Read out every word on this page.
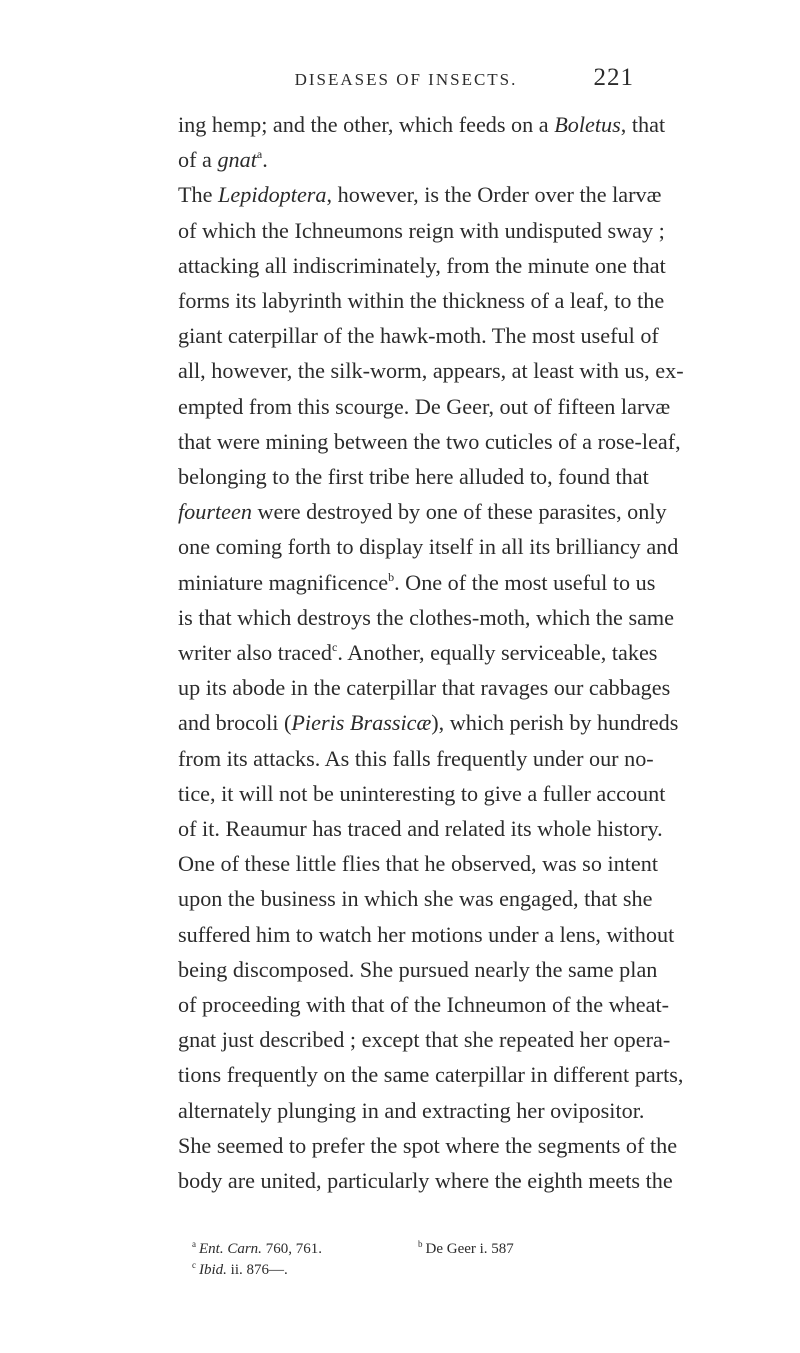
DISEASES OF INSECTS.	221
ing hemp; and the other, which feeds on a Boletus, that
of a gnat$^a$.
The Lepidoptera, however, is the Order over the larvæ
of which the Ichneumons reign with undisputed sway ;
attacking all indiscriminately, from the minute one that
forms its labyrinth within the thickness of a leaf, to the
giant caterpillar of the hawk-moth. The most useful of
all, however, the silk-worm, appears, at least with us, ex-
empted from this scourge. De Geer, out of fifteen larvæ
that were mining between the two cuticles of a rose-leaf,
belonging to the first tribe here alluded to, found that
fourteen were destroyed by one of these parasites, only
one coming forth to display itself in all its brilliancy and
miniature magnificence$^b$. One of the most useful to us
is that which destroys the clothes-moth, which the same
writer also traced$^c$. Another, equally serviceable, takes
up its abode in the caterpillar that ravages our cabbages
and brocoli (Pieris Brassicæ), which perish by hundreds
from its attacks. As this falls frequently under our no-
tice, it will not be uninteresting to give a fuller account
of it. Reaumur has traced and related its whole history.
One of these little flies that he observed, was so intent
upon the business in which she was engaged, that she
suffered him to watch her motions under a lens, without
being discomposed. She pursued nearly the same plan
of proceeding with that of the Ichneumon of the wheat-
gnat just described ; except that she repeated her opera-
tions frequently on the same caterpillar in different parts,
alternately plunging in and extracting her ovipositor.
She seemed to prefer the spot where the segments of the
body are united, particularly where the eighth meets the
$^a$ Ent. Carn. 760, 761.	$^b$ De Geer i. 587
$^c$ Ibid. ii. 876—.
